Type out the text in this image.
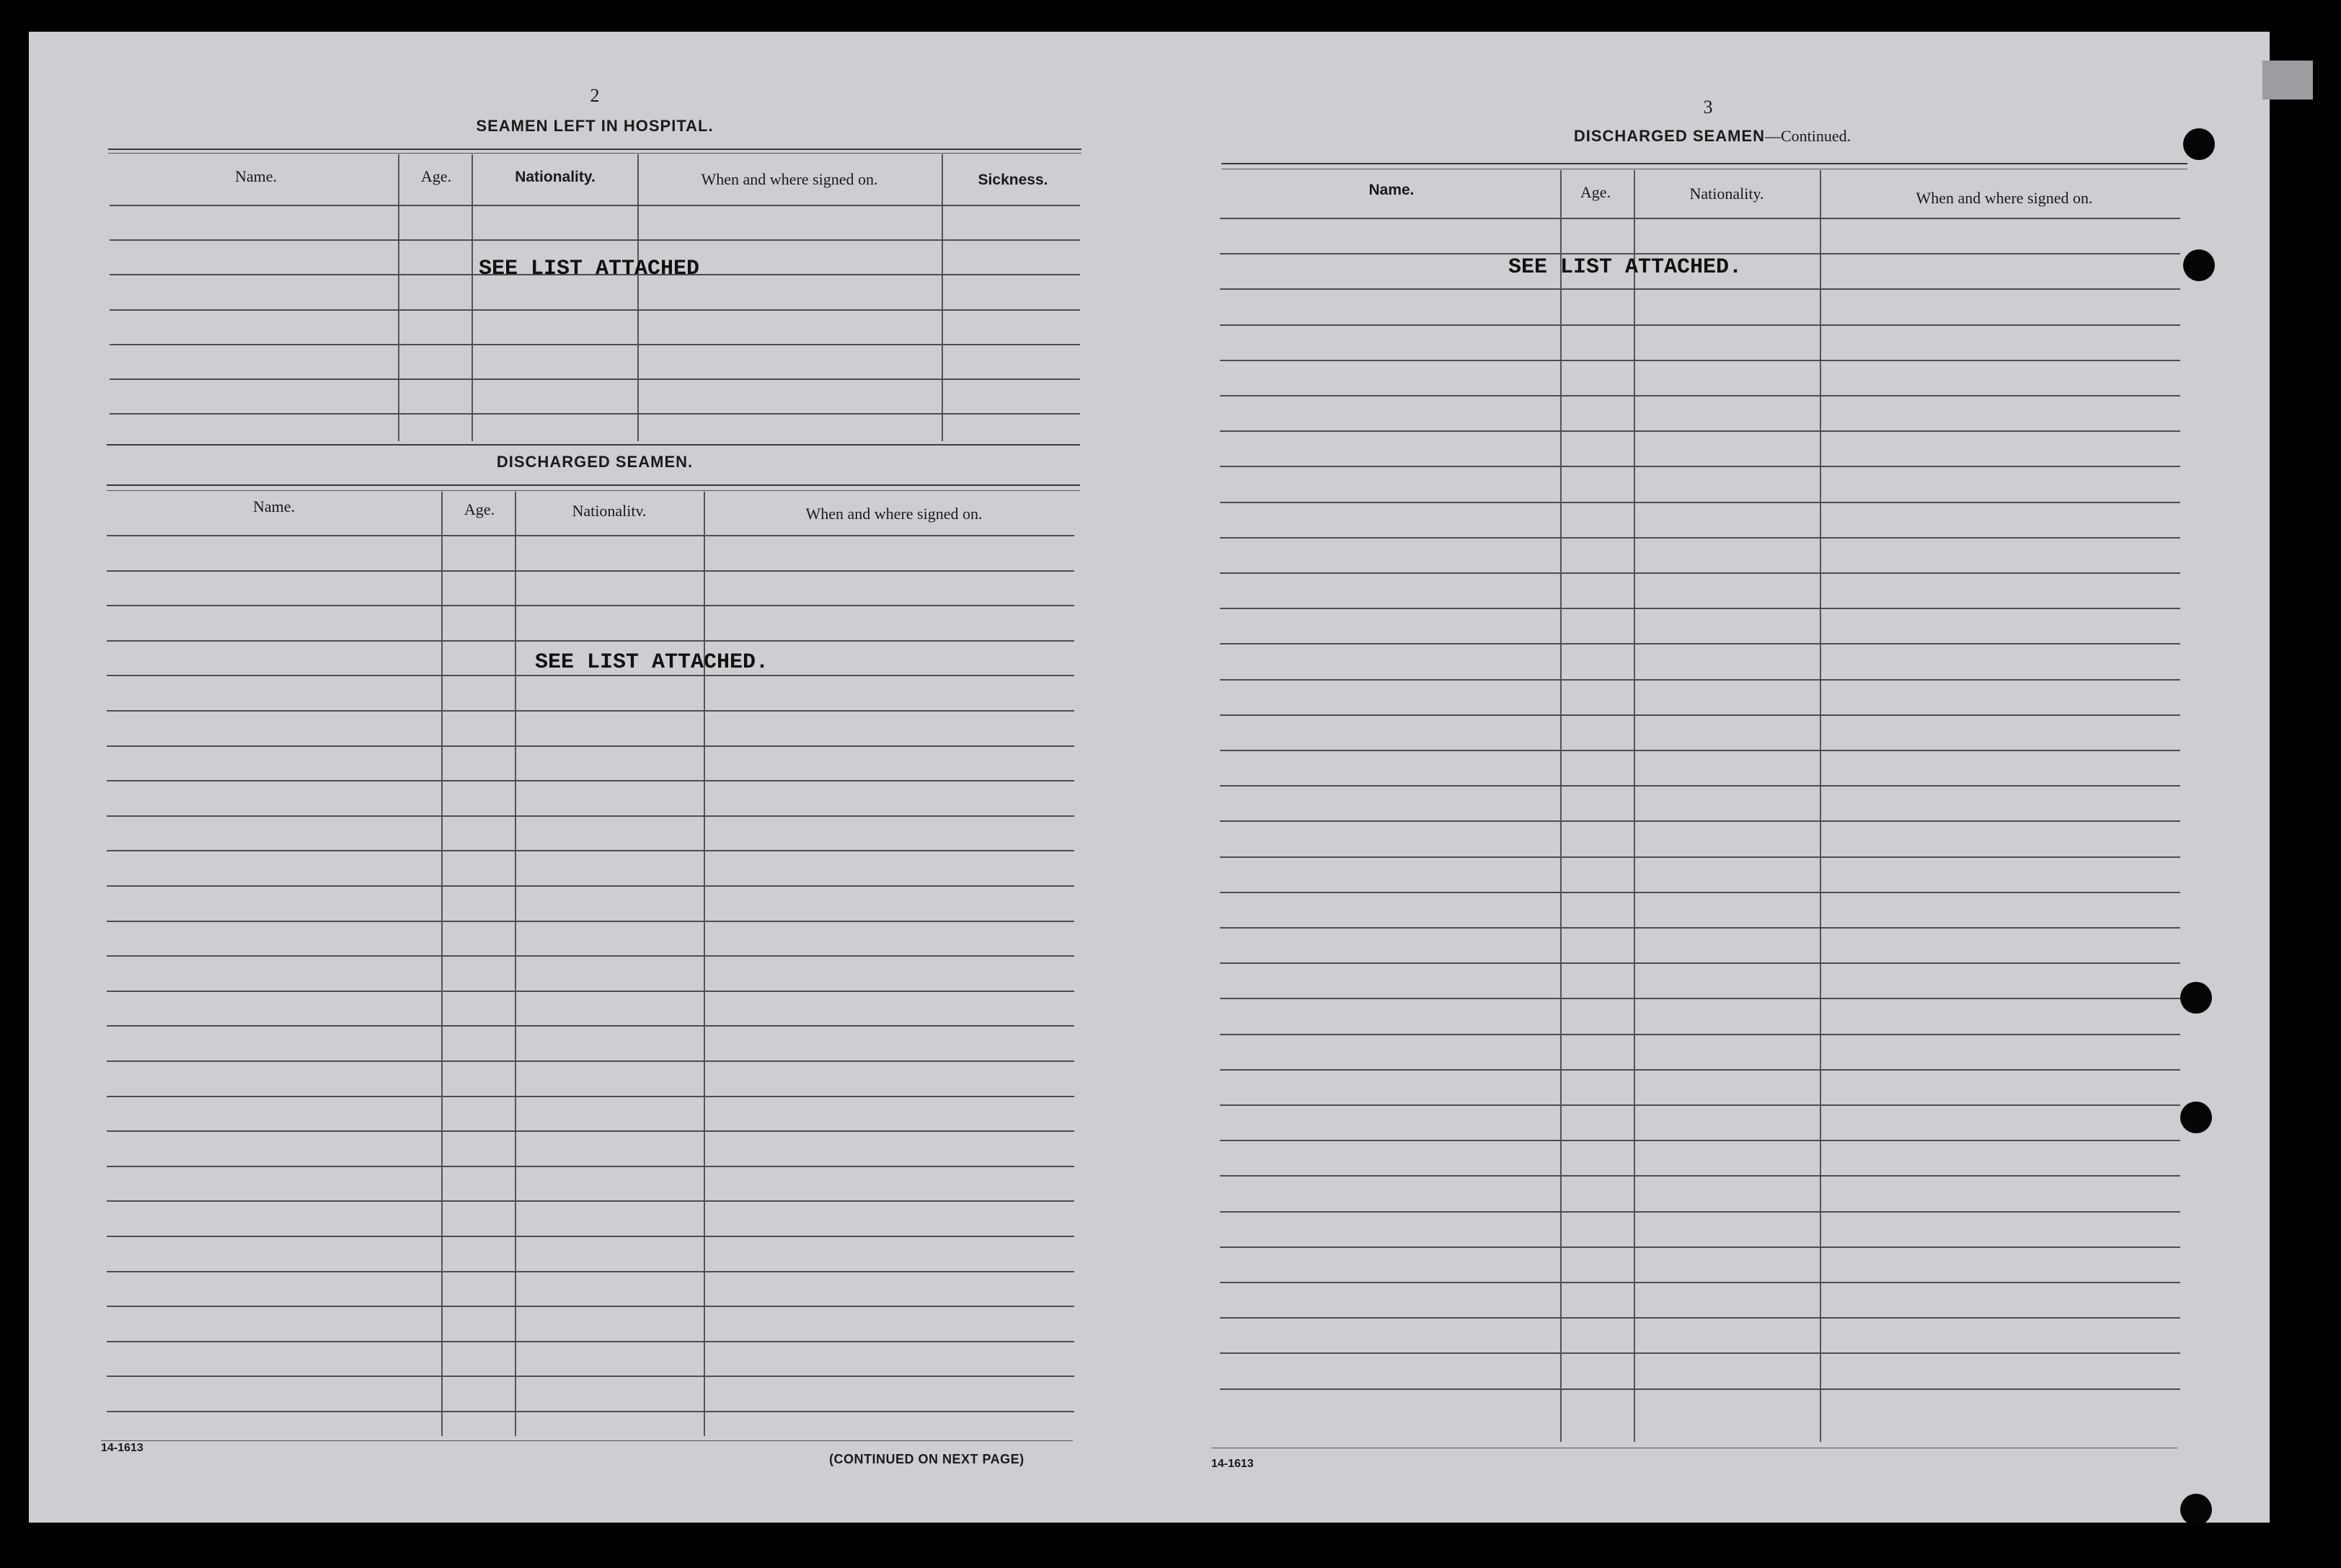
2
SEAMEN LEFT IN HOSPITAL.
Name.	Age.	Nationality.	When and where signed on.	Sickness.
SEE LIST ATTACHED
DISCHARGED SEAMEN.
Name.	Age.	Nationalitv.	When and where signed on.
SEE LIST ATTACHED.
14-1613
(CONTINUED ON NEXT PAGE)
3
DISCHARGED SEAMEN—Continued.
Name.	Age.	Nationality.	When and where signed on.
SEE LIST ATTACHED.
14-1613
